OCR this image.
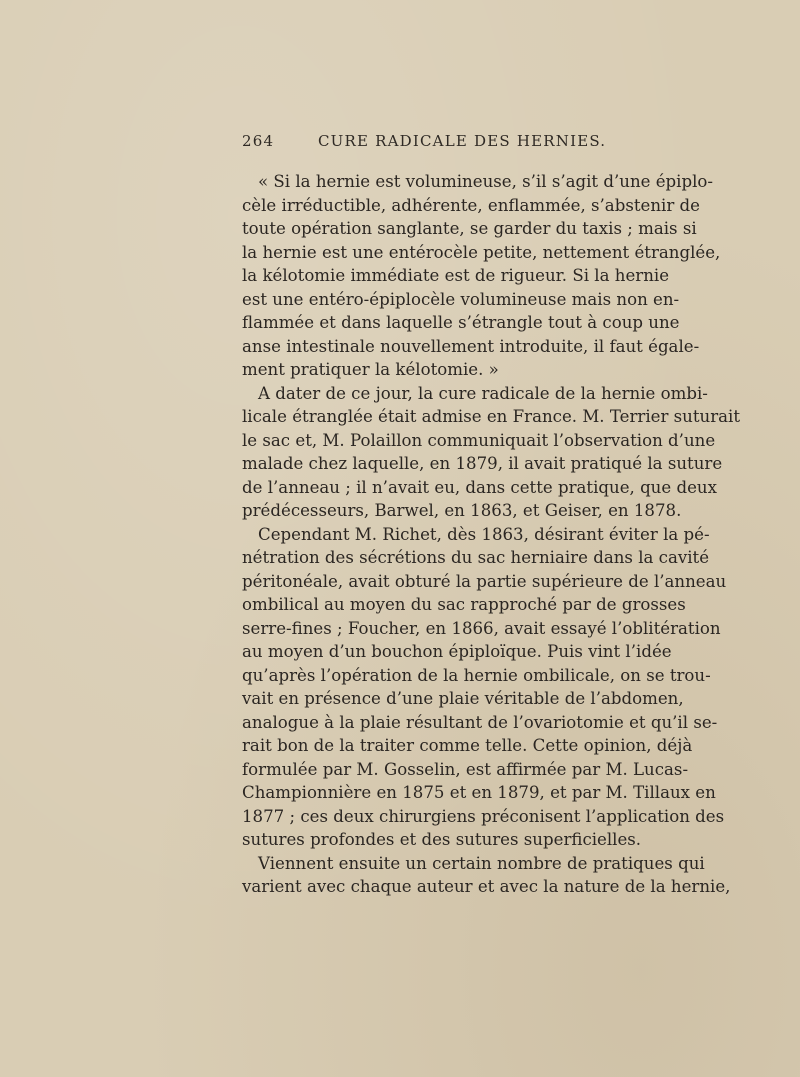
264	CURE RADICALE DES HERNIES.
« Si la hernie est volumineuse, s’il s’agit d’une épiplo-
cèle irréductible, adhérente, enflammée, s’abstenir de
toute opération sanglante, se garder du taxis ; mais si
la hernie est une entérocèle petite, nettement étranglée,
la kélotomie immédiate est de rigueur. Si la hernie
est une entéro-épiplocèle volumineuse mais non en-
flammée et dans laquelle s’étrangle tout à coup une
anse intestinale nouvellement introduite, il faut égale-
ment pratiquer la kélotomie. »
A dater de ce jour, la cure radicale de la hernie ombi-
licale étranglée était admise en France. M. Terrier suturait
le sac et, M. Polaillon communiquait l’observation d’une
malade chez laquelle, en 1879, il avait pratiqué la suture
de l’anneau ; il n’avait eu, dans cette pratique, que deux
prédécesseurs, Barwel, en 1863, et Geiser, en 1878.
Cependant M. Richet, dès 1863, désirant éviter la pé-
nétration des sécrétions du sac herniaire dans la cavité
péritonéale, avait obturé la partie supérieure de l’anneau
ombilical au moyen du sac rapproché par de grosses
serre-fines ; Foucher, en 1866, avait essayé l’oblitération
au moyen d’un bouchon épiploïque. Puis vint l’idée
qu’après l’opération de la hernie ombilicale, on se trou-
vait en présence d’une plaie véritable de l’abdomen,
analogue à la plaie résultant de l’ovariotomie et qu’il se-
rait bon de la traiter comme telle. Cette opinion, déjà
formulée par M. Gosselin, est affirmée par M. Lucas-
Championnière en 1875 et en 1879, et par M. Tillaux en
1877 ; ces deux chirurgiens préconisent l’application des
sutures profondes et des sutures superficielles.
Viennent ensuite un certain nombre de pratiques qui
varient avec chaque auteur et avec la nature de la hernie,
